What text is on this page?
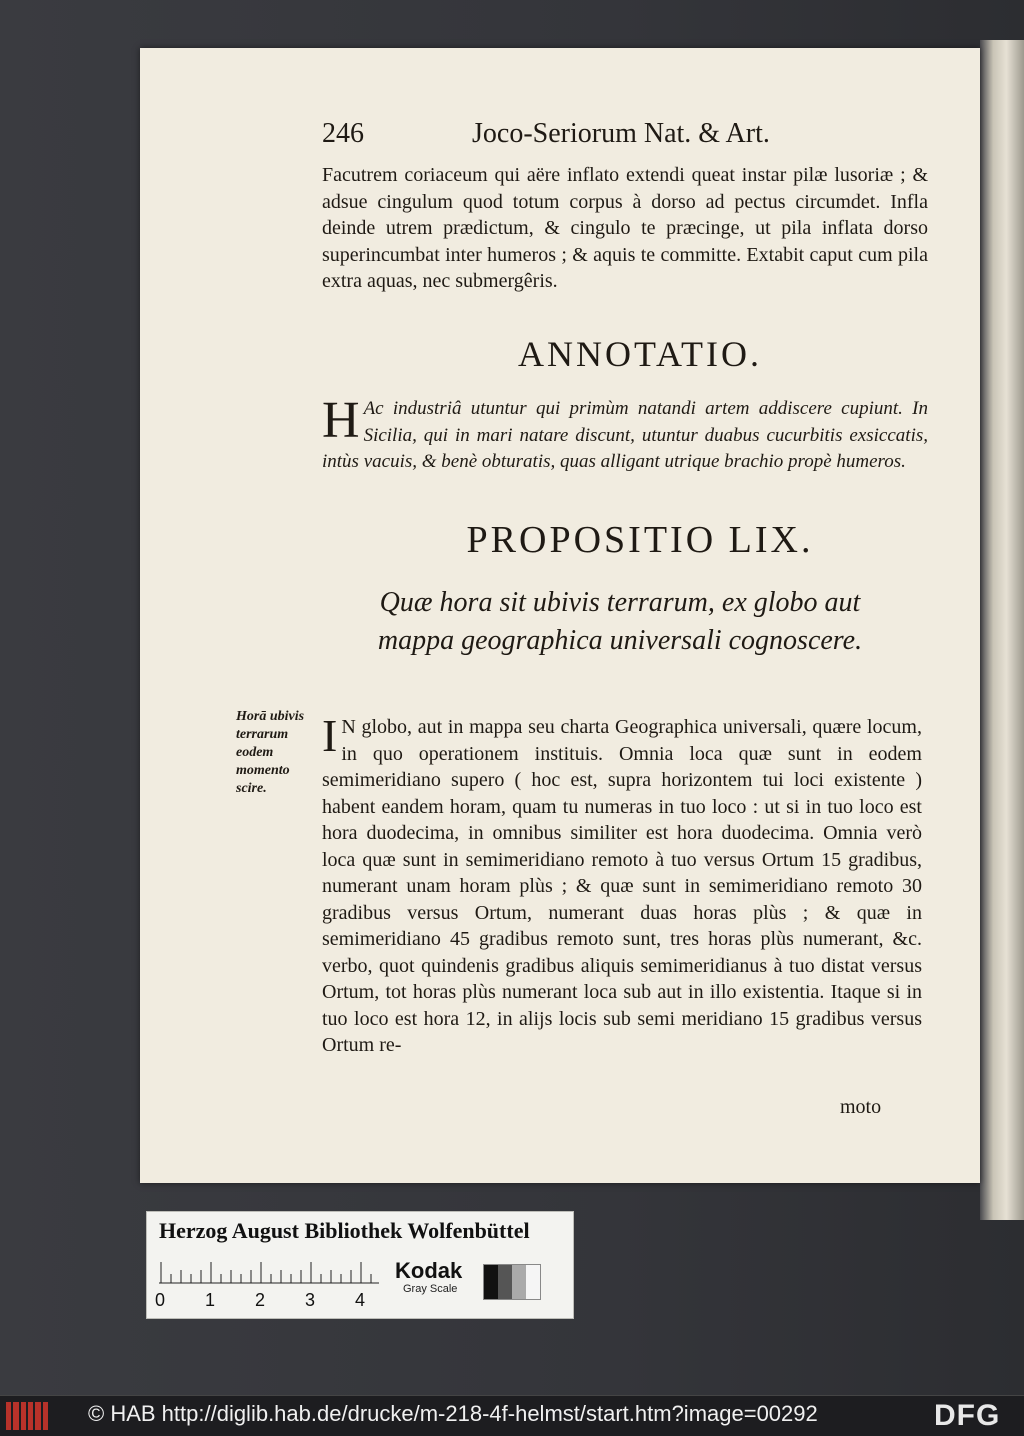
246	Joco-Seriorum Nat. & Art.

Facutrem coriaceum qui aëre inflato extendi queat instar pilæ lusoriæ ; & adsue cingulum quod totum corpus à dorso ad pectus circumdet. Infla deinde utrem prædictum, & cingulo te præcinge, ut pila inflata dorso superincumbat inter humeros ; & aquis te committe. Extabit caput cum pila extra aquas, nec submergêris.

ANNOTATIO.
H Ac industriâ utuntur qui primùm natandi artem addiscere cupiunt. In Sicilia, qui in mari natare discunt, utuntur duabus cucurbitis exsiccatis, intùs vacuis, & benè obturatis, quas alligant utrique brachio propè humeros.
PROPOSITIO LIX.
Quæ hora sit ubivis terrarum, ex globo aut mappa geographica universali cognoscere.
Horā ubivis terrarum eodem momento scire.
I N globo, aut in mappa seu charta Geographica universali, quære locum, in quo operationem instituis. Omnia loca quæ sunt in eodem semimeridiano supero ( hoc est, supra horizontem tui loci existente ) habent eandem horam, quam tu numeras in tuo loco : ut si in tuo loco est hora duodecima, in omnibus similiter est hora duodecima. Omnia verò loca quæ sunt in semimeridiano remoto à tuo versus Ortum 15 gradibus, numerant unam horam plùs ; & quæ sunt in semimeridiano remoto 30 gradibus versus Ortum, numerant duas horas plùs ; & quæ in semimeridiano 45 gradibus remoto sunt, tres horas plùs numerant, &c. verbo, quot quindenis gradibus aliquis semimeridianus à tuo distat versus Ortum, tot horas plùs numerant loca sub aut in illo existentia. Itaque si in tuo loco est hora 12, in alijs locis sub semi meridiano 15 gradibus versus Ortum re-
moto
Herzog August Bibliothek Wolfenbüttel
0 1 2 3 4
Kodak
Gray Scale
© HAB http://diglib.hab.de/drucke/m-218-4f-helmst/start.htm?image=00292	DFG
